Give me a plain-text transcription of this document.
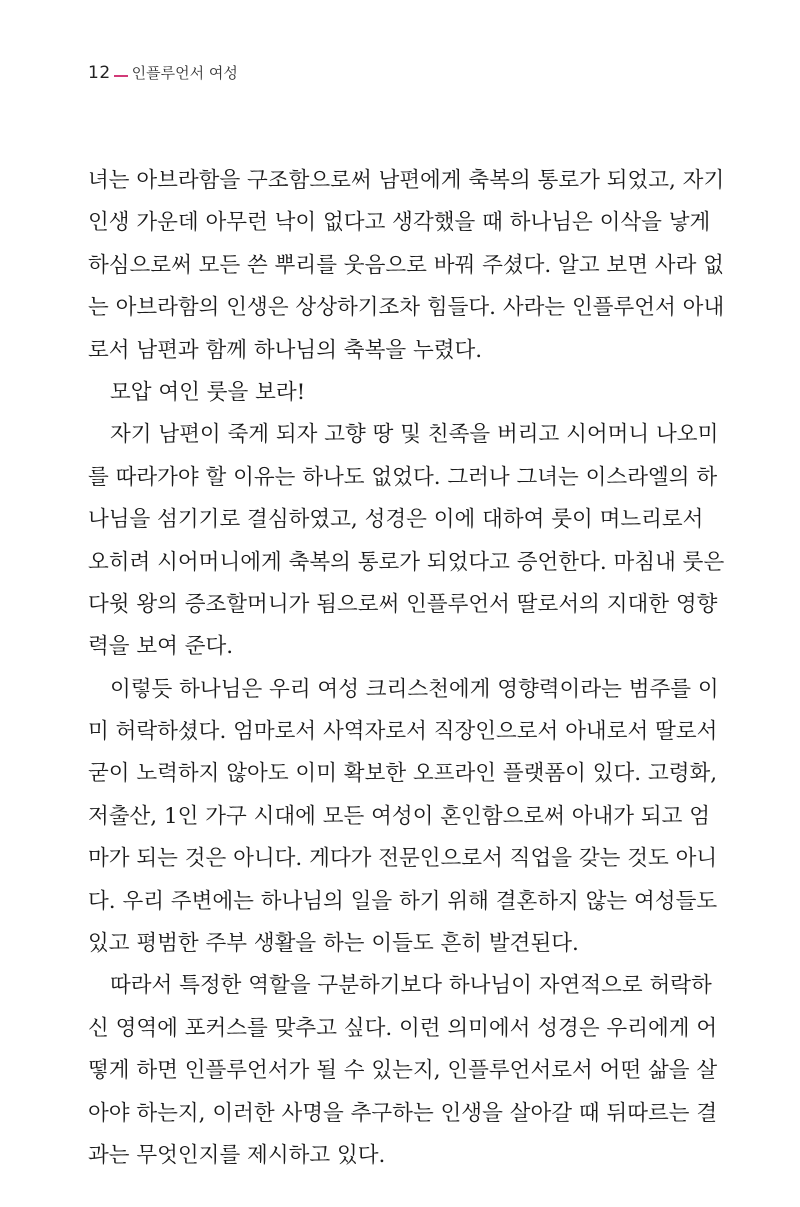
12 인플루언서 여성
녀는 아브라함을 구조함으로써 남편에게 축복의 통로가 되었고, 자기
인생 가운데 아무런 낙이 없다고 생각했을 때 하나님은 이삭을 낳게
하심으로써 모든 쓴 뿌리를 웃음으로 바꿔 주셨다. 알고 보면 사라 없
는 아브라함의 인생은 상상하기조차 힘들다. 사라는 인플루언서 아내
로서 남편과 함께 하나님의 축복을 누렸다.
모압 여인 룻을 보라!
자기 남편이 죽게 되자 고향 땅 및 친족을 버리고 시어머니 나오미
를 따라가야 할 이유는 하나도 없었다. 그러나 그녀는 이스라엘의 하
나님을 섬기기로 결심하였고, 성경은 이에 대하여 룻이 며느리로서
오히려 시어머니에게 축복의 통로가 되었다고 증언한다. 마침내 룻은
다윗 왕의 증조할머니가 됨으로써 인플루언서 딸로서의 지대한 영향
력을 보여 준다.
이렇듯 하나님은 우리 여성 크리스천에게 영향력이라는 범주를 이
미 허락하셨다. 엄마로서 사역자로서 직장인으로서 아내로서 딸로서
굳이 노력하지 않아도 이미 확보한 오프라인 플랫폼이 있다. 고령화,
저출산, 1인 가구 시대에 모든 여성이 혼인함으로써 아내가 되고 엄
마가 되는 것은 아니다. 게다가 전문인으로서 직업을 갖는 것도 아니
다. 우리 주변에는 하나님의 일을 하기 위해 결혼하지 않는 여성들도
있고 평범한 주부 생활을 하는 이들도 흔히 발견된다.
따라서 특정한 역할을 구분하기보다 하나님이 자연적으로 허락하
신 영역에 포커스를 맞추고 싶다. 이런 의미에서 성경은 우리에게 어
떻게 하면 인플루언서가 될 수 있는지, 인플루언서로서 어떤 삶을 살
아야 하는지, 이러한 사명을 추구하는 인생을 살아갈 때 뒤따르는 결
과는 무엇인지를 제시하고 있다.
